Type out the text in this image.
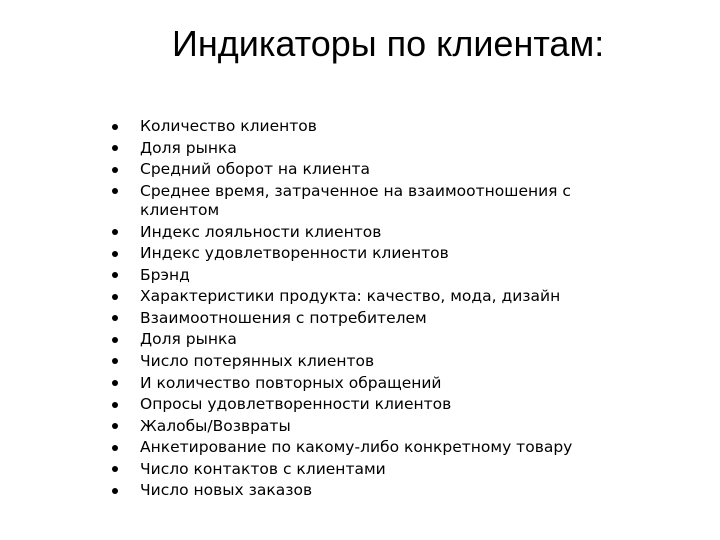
Индикаторы по клиентам:
Количество клиентов
Доля рынка
Средний оборот на клиента
Среднее время, затраченное на взаимоотношения с клиентом
Индекс лояльности клиентов
Индекс удовлетворенности клиентов
Брэнд
Характеристики продукта: качество, мода, дизайн
Взаимоотношения с потребителем
Доля рынка
Число потерянных клиентов
И количество повторных обращений
Опросы удовлетворенности клиентов
Жалобы/Возвраты
Анкетирование по какому-либо конкретному товару
Число контактов с клиентами
Число новых заказов
